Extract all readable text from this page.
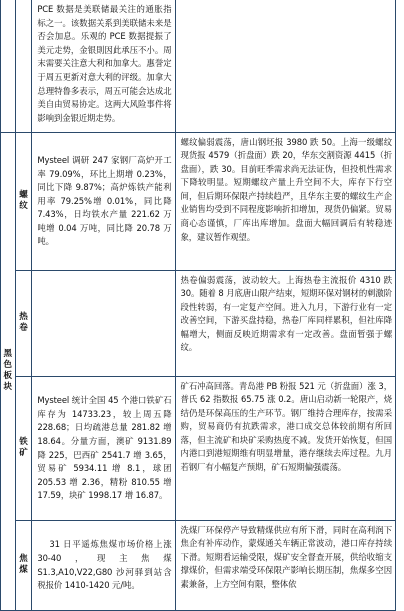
		PCE 数据是美联储最关注的通胀指标之一。该数据关系到美联储未来是否会加息。乐观的 PCE 数据提振了美元走势，金银則因此承压不小。周末需要关注意大利和加拿大。惠誉定于周五更新对意大利的评级。加拿大总理特鲁多表示，周五可能会达成北美自由贸易协定。这两大风险事件将影响到金银近期走势。	

黑色板块	螺纹	Mysteel 调研 247 家钢厂高炉开工率 79.09%，环比上期增 0.23%，同比下降 9.87%；高炉炼铁产能利用率 79.25%增 0.01%，同比降 7.43%，日均铁水产量 221.62 万吨增 0.04 万吨，同比降 20.78 万吨。	螺纹偏弱震荡，唐山钢坯报 3980 跌 50。上海一级螺纹现货报 4579（折盘面）跌 20，华东交割资源 4415（折盘面），跌 30。目前旺季需求尚无法证伪，但投机性需求下降较明显。短期螺纹产量上升空间不大，库存下行空间，但后期环保限产持续趋严，且华东主要的螺纹生产企业销售均受到不同程度影响折扣增加，现货仍偏紧。贸易商心态谨慎，厂库出库增加。盘面大幅回调后有转稳迹象，建议暂作观望。

	热卷		热卷偏弱震荡，波动较大。上海热卷主流报价 4310 跌 30。随着 8 月底唐山限产结束，短期环保对钢材的刺激阶段性转弱，有一定复产空间。进入九月，下游行业有一定改善空间，下游买盘持稳，热卷厂库同样累积，但社库降幅增大，侧面反映近期需求有一定改善。盘面暂强于螺纹。

	铁矿	Mysteel 统计全国 45 个港口铁矿石库存为 14733.23，较上周五降 228.68；日均疏港总量 281.82 增 18.64。分量方面，澳矿 9131.89 降 225，巴西矿 2541.7 增 3.65，贸易矿 5934.11 增 8.1，球团 205.53 增 2.36，精粉 810.55 增 17.59，块矿 1998.17 增 16.87。	矿石冲高回落。青岛港 PB 粉报 521 元（折盘面）涨 3，普氏 62 指数报 65.75 涨 0.2。唐山启动新一轮限产，烧结仍是环保高压的生产环节。钢厂维持合理库存，按需采购，贸易商仍有抗跌需求，港口成交总体较前期有所回落，但主流矿和块矿采购热度不减。发货开始恢复，但国内港口到港短期维有明显增量，港存继续去库过程。九月若钢厂有小幅复产预期，矿石短期偏强震荡。

	焦煤	31 日平遥炼焦煤市场价格上涨 30-40，现主焦煤 S1.3,A10,V22,G80 沙河驿到站含税报价 1410-1420 元/吨。	洗煤厂环保停产导致精煤供应有所下滑，同时在高利润下焦企有补库动作，蒙煤通关车辆正常波动，港口库存持续下滑。短期看运输受限，煤矿安全督查开展，供给收缩支撑煤价，但需求端受环保限产影响长期压制，焦煤多空因素兼备，上方空间有限，整体依
